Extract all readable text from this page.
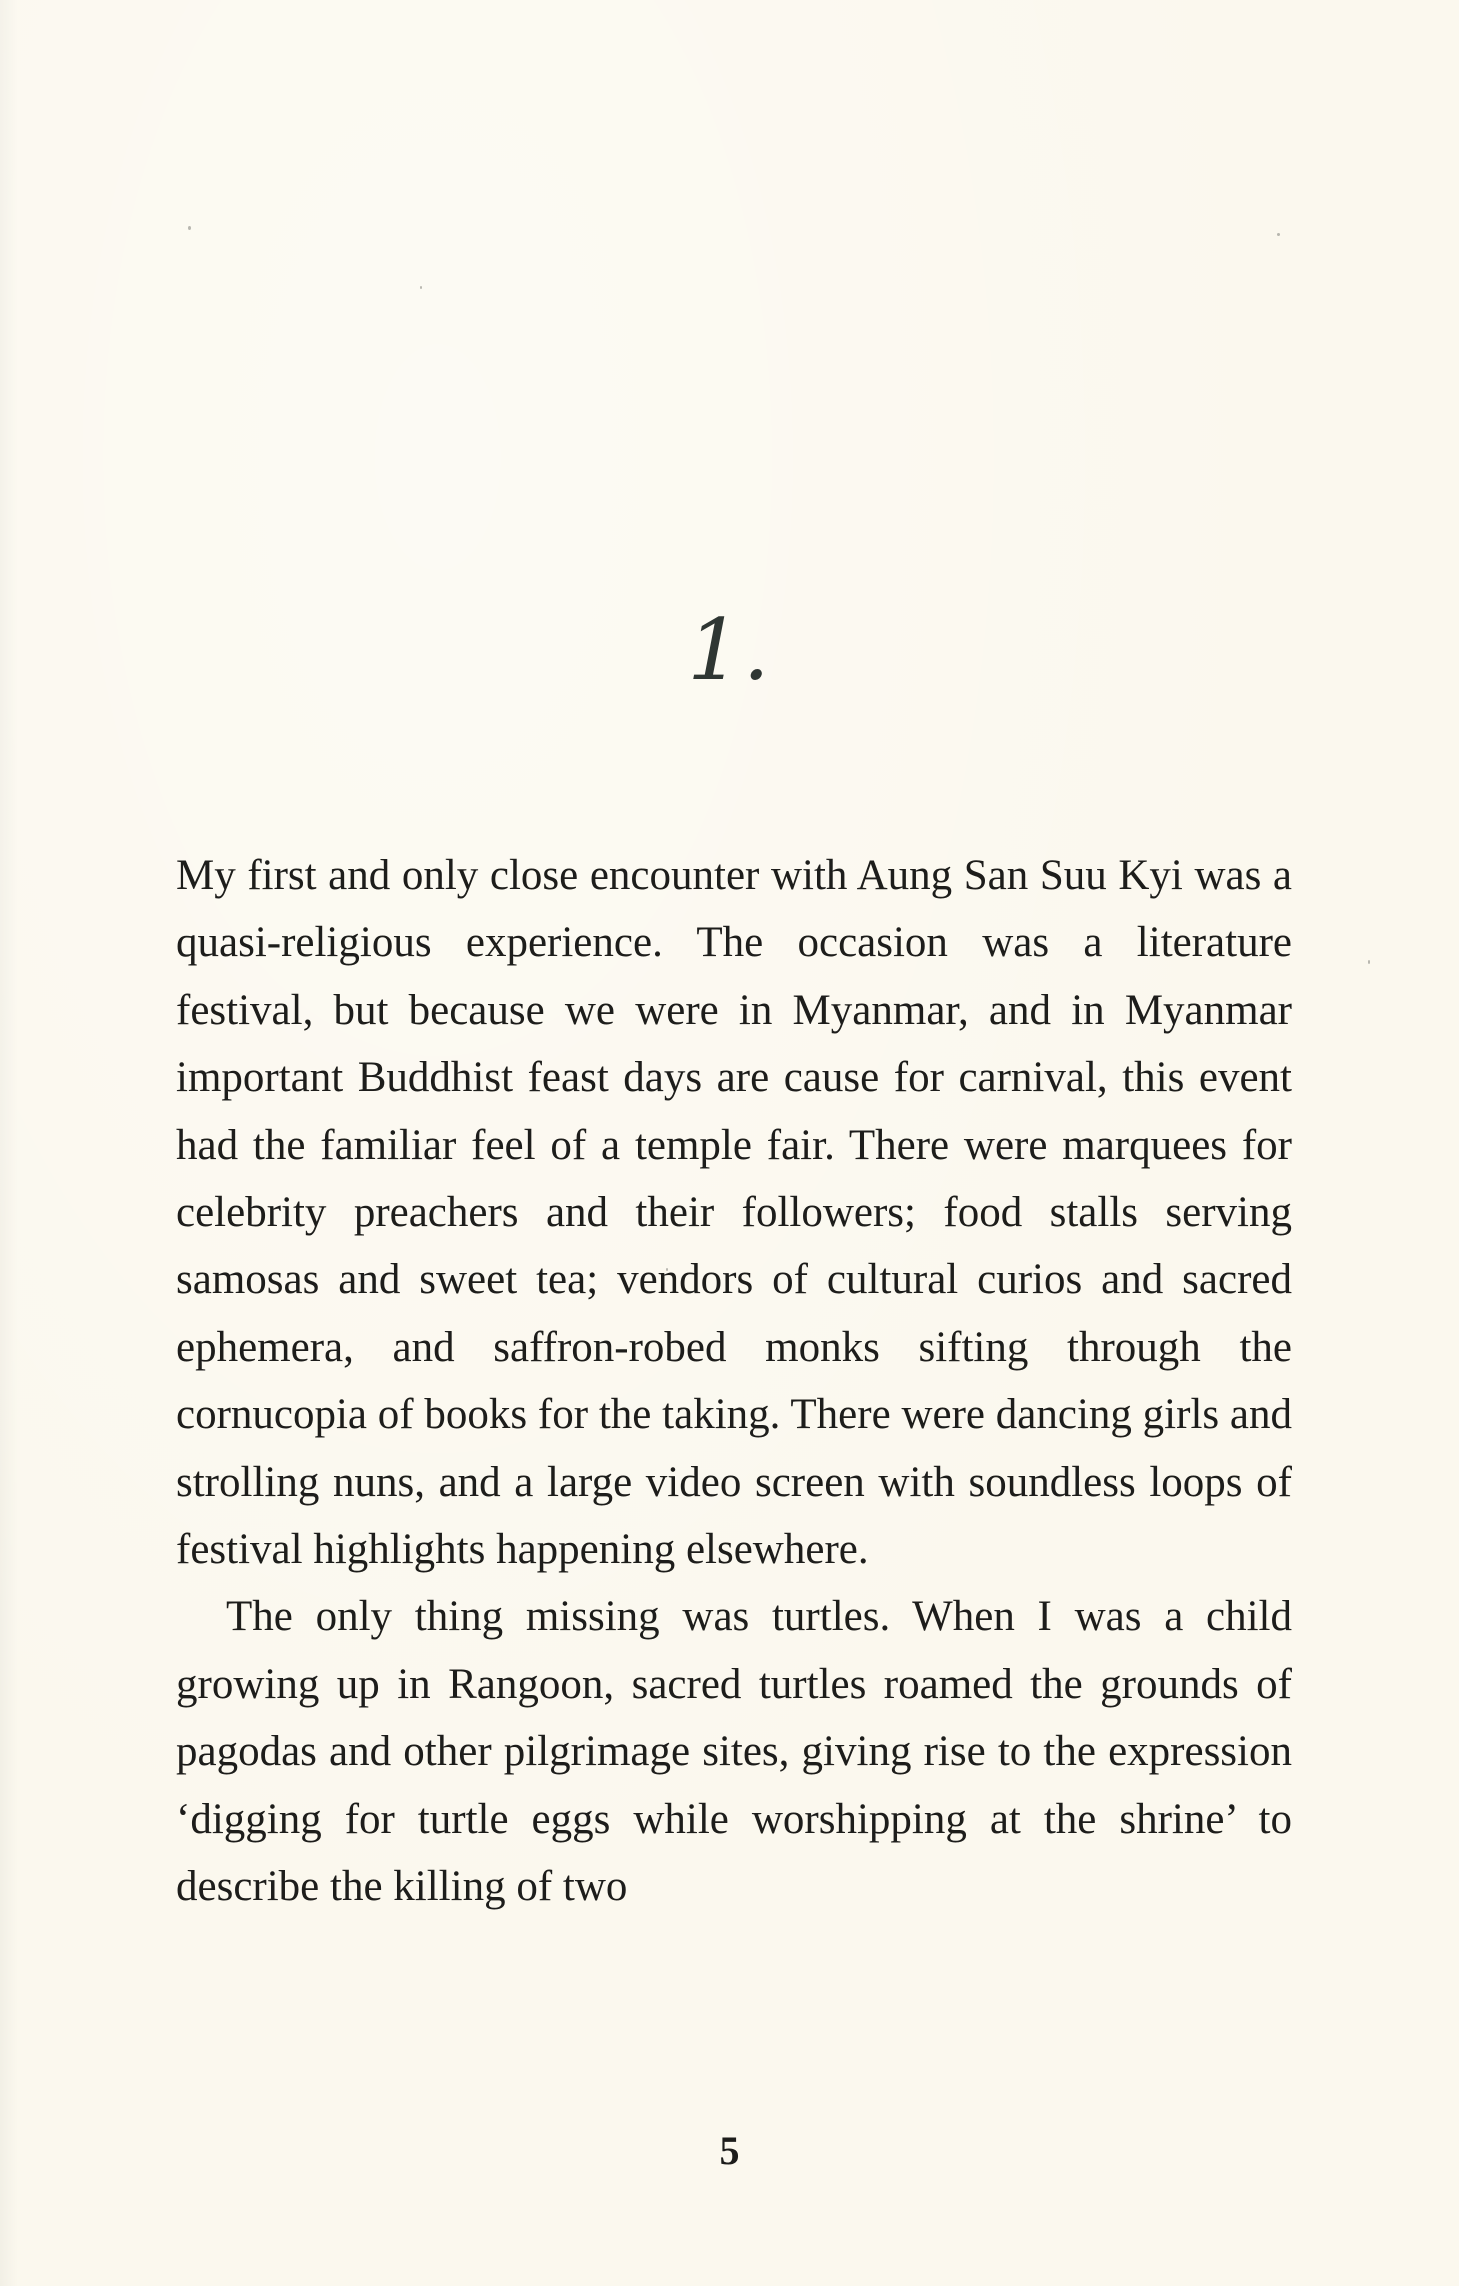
1.

My first and only close encounter with Aung San Suu Kyi was a quasi-religious experience. The occasion was a literature festival, but because we were in Myanmar, and in Myanmar important Buddhist feast days are cause for carnival, this event had the familiar feel of a temple fair. There were marquees for celebrity preachers and their followers; food stalls serving samosas and sweet tea; vendors of cultural curios and sacred ephemera, and saffron-robed monks sifting through the cornucopia of books for the taking. There were dancing girls and strolling nuns, and a large video screen with soundless loops of festival highlights happening elsewhere.

The only thing missing was turtles. When I was a child growing up in Rangoon, sacred turtles roamed the grounds of pagodas and other pilgrimage sites, giving rise to the expression ‘digging for turtle eggs while worshipping at the shrine’ to describe the killing of two

5
